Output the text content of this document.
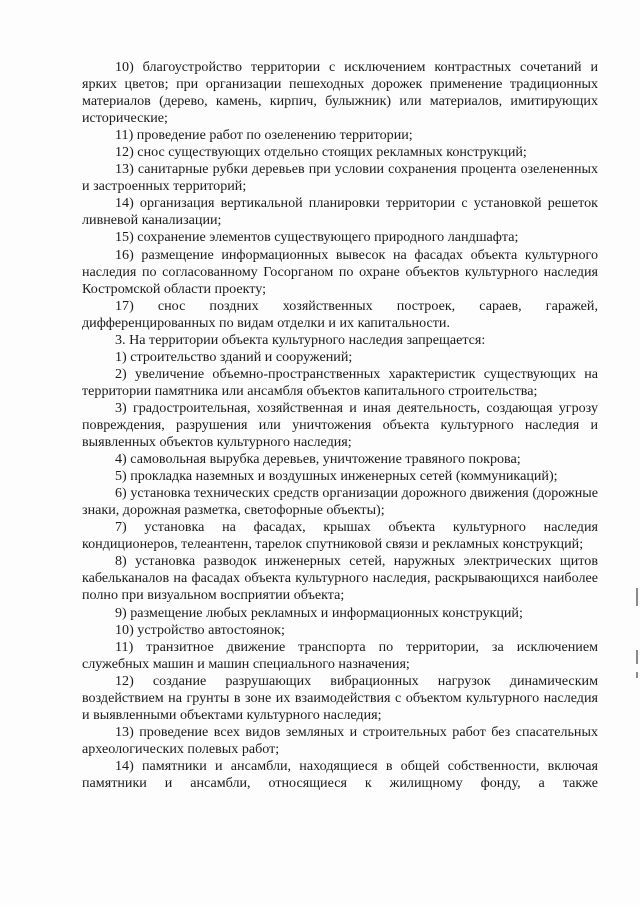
10) благоустройство территории с исключением контрастных сочетаний и ярких цветов; при организации пешеходных дорожек применение традиционных материалов (дерево, камень, кирпич, булыжник) или материалов, имитирующих исторические;

11) проведение работ по озеленению территории;

12) снос существующих отдельно стоящих рекламных конструкций;

13) санитарные рубки деревьев при условии сохранения процента озелененных и застроенных территорий;

14) организация вертикальной планировки территории с установкой решеток ливневой канализации;

15) сохранение элементов существующего природного ландшафта;

16) размещение информационных вывесок на фасадах объекта культурного наследия по согласованному Госорганом по охране объектов культурного наследия Костромской области проекту;

17) снос поздних хозяйственных построек, сараев, гаражей, дифференцированных по видам отделки и их капитальности.

3. На территории объекта культурного наследия запрещается:

1) строительство зданий и сооружений;

2) увеличение объемно-пространственных характеристик существующих на территории памятника или ансамбля объектов капитального строительства;

3) градостроительная, хозяйственная и иная деятельность, создающая угрозу повреждения, разрушения или уничтожения объекта культурного наследия и выявленных объектов культурного наследия;

4) самовольная вырубка деревьев, уничтожение травяного покрова;

5) прокладка наземных и воздушных инженерных сетей (коммуникаций);

6) установка технических средств организации дорожного движения (дорожные знаки, дорожная разметка, светофорные объекты);

7) установка на фасадах, крышах объекта культурного наследия кондиционеров, телеантенн, тарелок спутниковой связи и рекламных конструкций;

8) установка разводок инженерных сетей, наружных электрических щитов кабельканалов на фасадах объекта культурного наследия, раскрывающихся наиболее полно при визуальном восприятии объекта;

9) размещение любых рекламных и информационных конструкций;

10) устройство автостоянок;

11) транзитное движение транспорта по территории, за исключением служебных машин и машин специального назначения;

12) создание разрушающих вибрационных нагрузок динамическим воздействием на грунты в зоне их взаимодействия с объектом культурного наследия и выявленными объектами культурного наследия;

13) проведение всех видов земляных и строительных работ без спасательных археологических полевых работ;

14) памятники и ансамбли, находящиеся в общей собственности, включая памятники и ансамбли, относящиеся к жилищному фонду, а также
